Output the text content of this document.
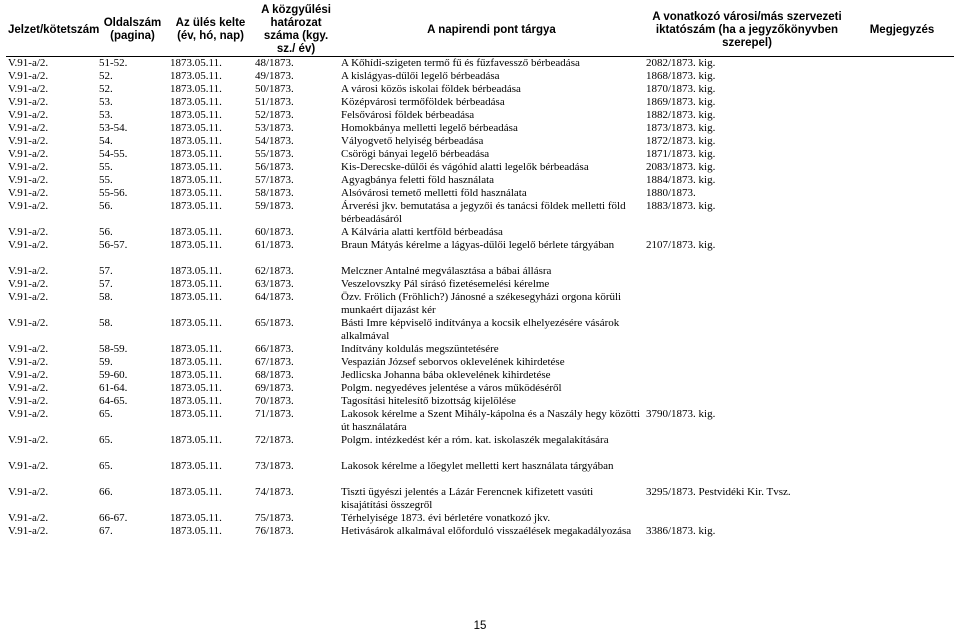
Jelzet/kötetszám	Oldalszám (pagina)	Az ülés kelte (év, hó, nap)	A közgyűlési határozat száma (kgy. sz./ év)	A napirendi pont tárgya	A vonatkozó városi/más szervezeti iktatószám (ha a jegyzőkönyvben szerepel)	Megjegyzés
V.91-a/2.	51-52.	1873.05.11.	48/1873.	A Kőhídi-szigeten termő fű és fűzfavessző bérbeadása	2082/1873. kig.	
V.91-a/2.	52.	1873.05.11.	49/1873.	A kislágyas-dűlői legelő bérbeadása	1868/1873. kig.	
V.91-a/2.	52.	1873.05.11.	50/1873.	A városi közös iskolai földek bérbeadása	1870/1873. kig.	
V.91-a/2.	53.	1873.05.11.	51/1873.	Középvárosi termőföldek bérbeadása	1869/1873. kig.	
V.91-a/2.	53.	1873.05.11.	52/1873.	Felsővárosi földek bérbeadása	1882/1873. kig.	
V.91-a/2.	53-54.	1873.05.11.	53/1873.	Homokbánya melletti legelő bérbeadása	1873/1873. kig.	
V.91-a/2.	54.	1873.05.11.	54/1873.	Vályogvető helyiség bérbeadása	1872/1873. kig.	
V.91-a/2.	54-55.	1873.05.11.	55/1873.	Csörögi bányai legelő bérbeadása	1871/1873. kig.	
V.91-a/2.	55.	1873.05.11.	56/1873.	Kis-Derecske-dűlői és vágóhíd alatti legelők bérbeadása	2083/1873. kig.	
V.91-a/2.	55.	1873.05.11.	57/1873.	Agyagbánya feletti föld használata	1884/1873. kig.	
V.91-a/2.	55-56.	1873.05.11.	58/1873.	Alsóvárosi temető melletti föld használata	1880/1873.	
V.91-a/2.	56.	1873.05.11.	59/1873.	Árverési jkv. bemutatása a jegyzői és tanácsi földek melletti föld bérbeadásáról	1883/1873. kig.	
V.91-a/2.	56.	1873.05.11.	60/1873.	A Kálvária alatti kertföld bérbeadása		
V.91-a/2.	56-57.	1873.05.11.	61/1873.	Braun Mátyás kérelme a lágyas-dűlői legelő bérlete tárgyában	2107/1873. kig.	
V.91-a/2.	57.	1873.05.11.	62/1873.	Melczner Antalné megválasztása a bábai állásra		
V.91-a/2.	57.	1873.05.11.	63/1873.	Veszelovszky Pál sírásó fizetésemelési kérelme		
V.91-a/2.	58.	1873.05.11.	64/1873.	Özv. Frölich (Fröhlich?) Jánosné a székesegyházi orgona körüli munkaért díjazást kér		
V.91-a/2.	58.	1873.05.11.	65/1873.	Básti Imre képviselő indítványa a kocsik elhelyezésére vásárok alkalmával		
V.91-a/2.	58-59.	1873.05.11.	66/1873.	Indítvány koldulás megszüntetésére		
V.91-a/2.	59.	1873.05.11.	67/1873.	Vespazián József seborvos oklevelének kihirdetése		
V.91-a/2.	59-60.	1873.05.11.	68/1873.	Jedlicska Johanna bába oklevelének kihirdetése		
V.91-a/2.	61-64.	1873.05.11.	69/1873.	Polgm. negyedéves jelentése a város működéséről		
V.91-a/2.	64-65.	1873.05.11.	70/1873.	Tagosítási hitelesítő bizottság kijelölése		
V.91-a/2.	65.	1873.05.11.	71/1873.	Lakosok kérelme a Szent Mihály-kápolna és a Naszály hegy közötti út használatára	3790/1873. kig.	
V.91-a/2.	65.	1873.05.11.	72/1873.	Polgm. intézkedést kér a róm. kat. iskolaszék megalakítására		
V.91-a/2.	65.	1873.05.11.	73/1873.	Lakosok kérelme a lőegylet melletti kert használata tárgyában		
V.91-a/2.	66.	1873.05.11.	74/1873.	Tiszti ügyészi jelentés a Lázár Ferencnek kifizetett vasúti kisajátítási összegről	3295/1873. Pestvidéki Kir. Tvsz.	
V.91-a/2.	66-67.	1873.05.11.	75/1873.	Térhelyisége 1873. évi bérletére vonatkozó jkv.		
V.91-a/2.	67.	1873.05.11.	76/1873.	Hetivásárok alkalmával előforduló visszaélések megakadályozása	3386/1873. kig.	
15
